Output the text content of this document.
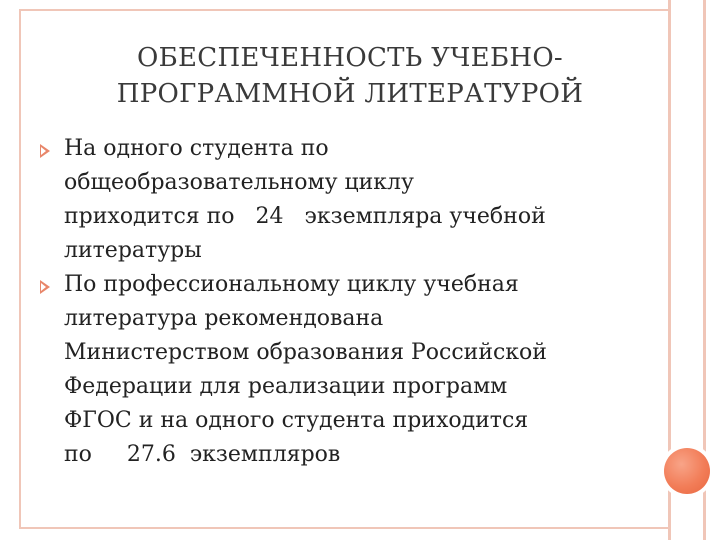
ОБЕСПЕЧЕННОСТЬ УЧЕБНО-
ПРОГРАММНОЙ ЛИТЕРАТУРОЙ
На одного студента по
общеобразовательному циклу
приходится по   24   экземпляра учебной
литературы
По профессиональному циклу учебная
литература рекомендована
Министерством образования Российской
Федерации для реализации программ
ФГОС и на одного студента приходится
по     27.6  экземпляров
